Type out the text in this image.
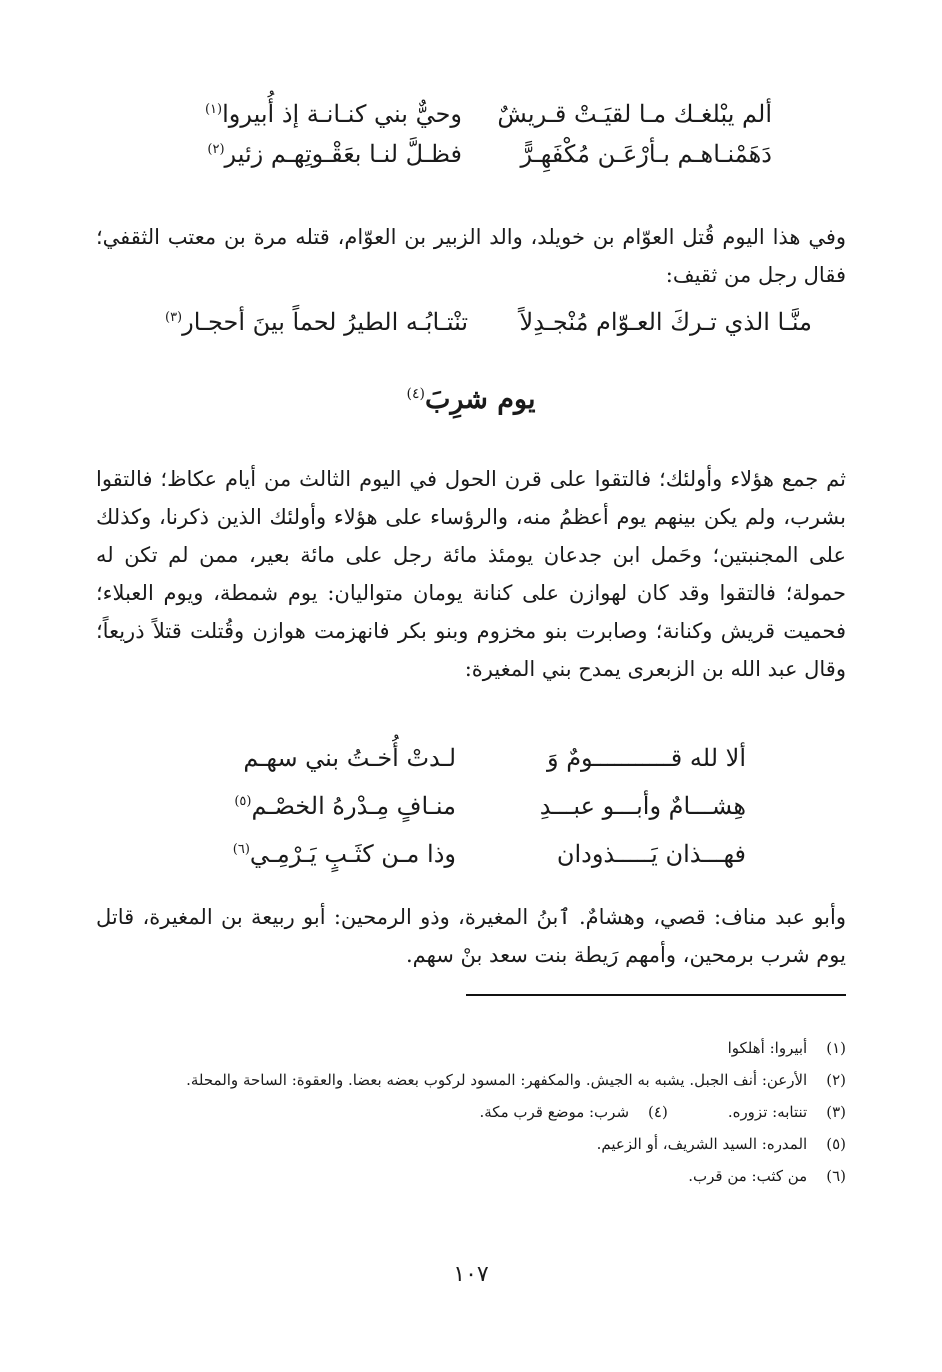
ألم يبْلغـك مـا لقيَـتْ قـريشٌ
وحيٌّ بني كنـانـة إذ أُبيروا$^{(١)}$
دَهَمْنـاهـم بـأرْعَـن مُكْفَهِـرًّ
فظـلَّ لنـا بعَقْـوتِهـم زئير$^{(٢)}$

وفي هذا اليوم قُتل العوّام بن خويلد، والد الزبير بن العوّام، قتله مرة بن معتب الثقفي؛ فقال رجل من ثقيف:

منَّـا الذي تـركَ العـوّام مُنْجـدِلاً
تنْتـابُـه الطيرُ لحماً بينَ أحجـار$^{(٣)}$
يوم شرِبَ$^{(٤)}$

ثم جمع هؤلاء وأولئك؛ فالتقوا على قرن الحول في اليوم الثالث من أيام عكاظ؛ فالتقوا بشرب، ولم يكن بينهم يوم أعظمُ منه، والرؤساء على هؤلاء وأولئك الذين ذكرنا، وكذلك على المجنبتين؛ وحَمل ابن جدعان يومئذ مائة رجل على مائة بعير، ممن لم تكن له حمولة؛ فالتقوا وقد كان لهوازن على كنانة يومان متواليان: يوم شمطة، ويوم العبلاء؛ فحميت قريش وكنانة؛ وصابرت بنو مخزوم وبنو بكر فانهزمت هوازن وقُتلت قتلاً ذريعاً؛ وقال عبد الله بن الزبعرى يمدح بني المغيرة:

ألا لله قـــــــــــومٌ وَ
لـدتْ أُخـتُ بني سهـم
هِشـــامٌ وأبـــو عبـــدِ
منـافٍ مِـدْرهُ الخصْـم$^{(٥)}$
فهـــذان يَـــــذودان
وذا مـن كثَـبٍ يَـرْمِـي$^{(٦)}$

وأبو عبد مناف: قصي، وهشامٌ. ٱبنُ المغيرة، وذو الرمحين: أبو ربيعة بن المغيرة، قاتل يوم شرب برمحين، وأمهم رَيطة بنت سعد بنْ سهم.

(١) أبيروا: أهلكوا
(٢) الأرعن: أنف الجبل. يشبه به الجيش. والمكفهر: المسود لركوب بعضه بعضا. والعقوة: الساحة والمحلة.
(٣) تنتابه: تزوره.
(٤) شرب: موضع قرب مكة.
(٥) المدره: السيد الشريف، أو الزعيم.
(٦) من كثب: من قرب.
١٠٧
